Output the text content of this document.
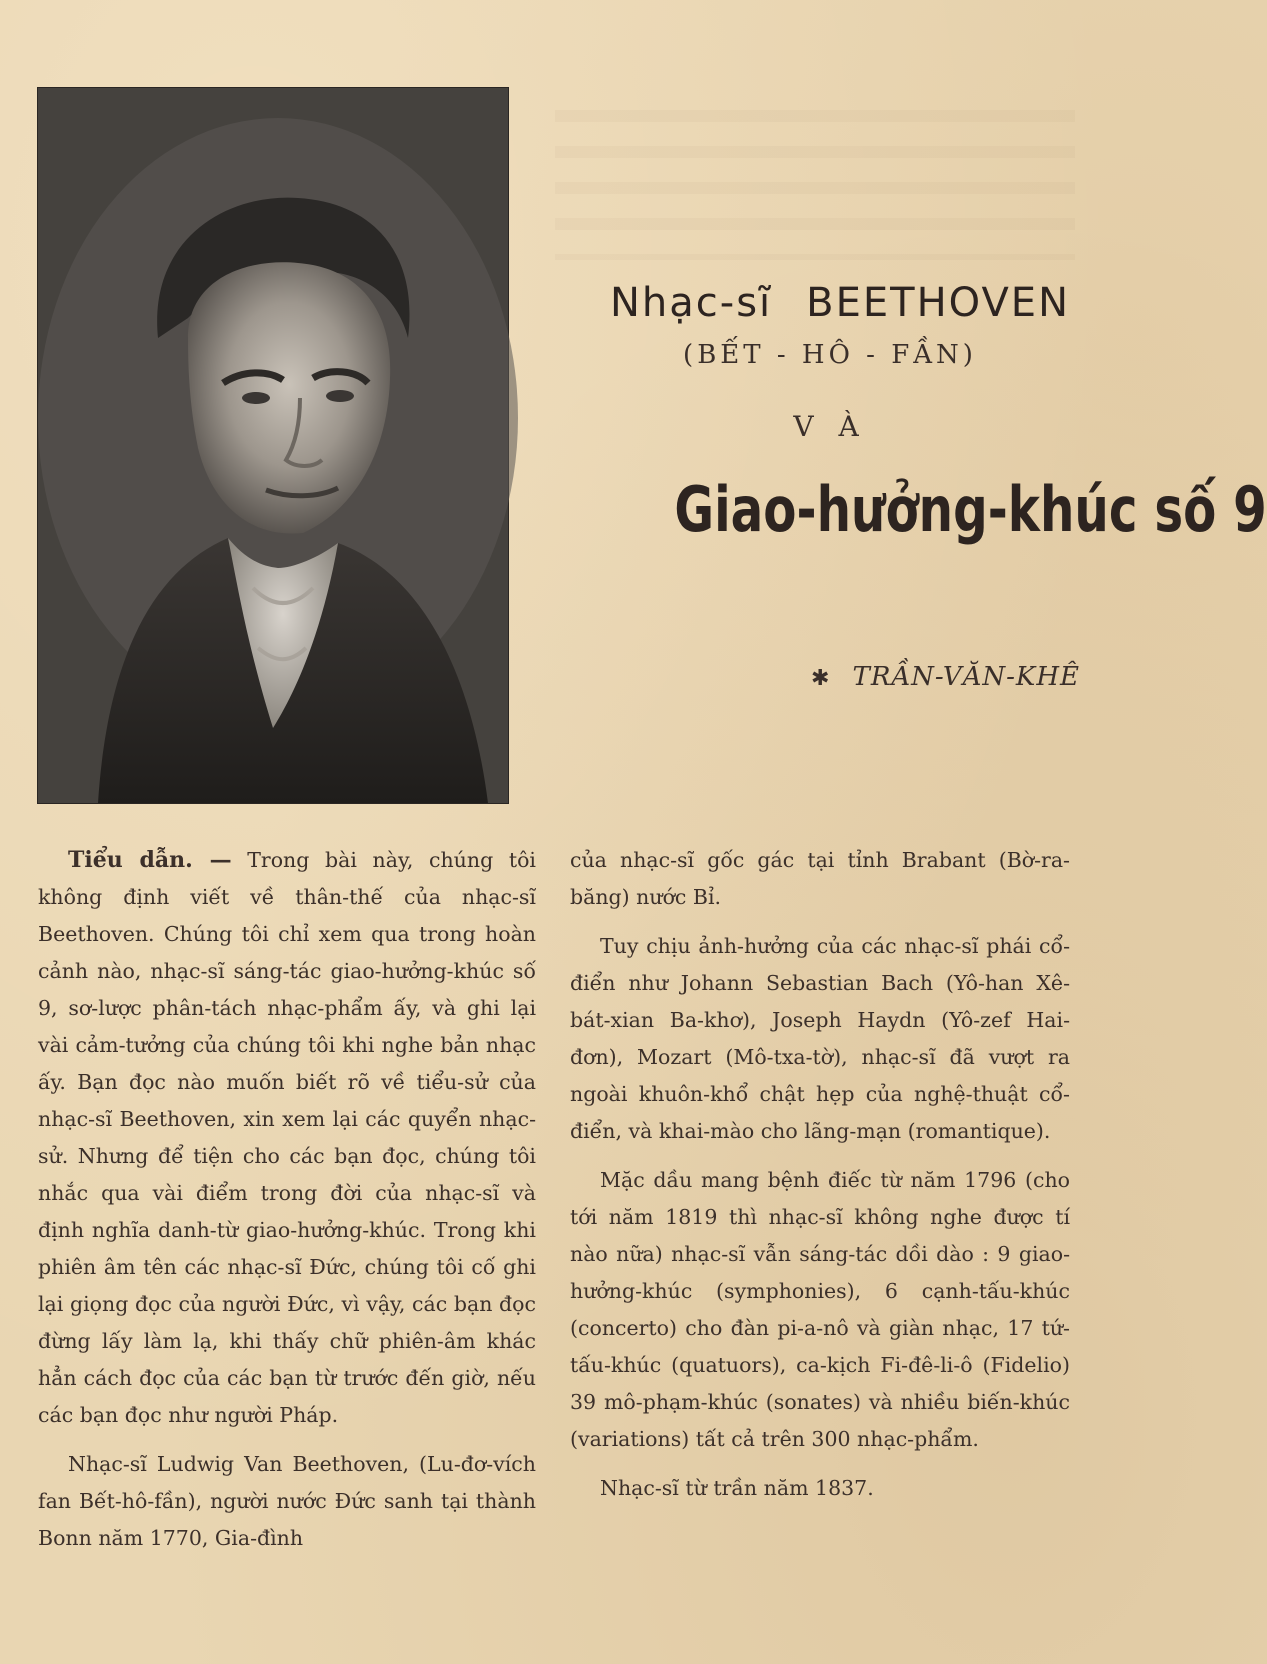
Nhạc-sĩ BEETHOVEN
(BẾT - HÔ - FẦN)
V À
Giao-hưởng-khúc số 9
✱ TRẦN-VĂN-KHÊ

Tiểu dẫn. — Trong bài này, chúng tôi không định viết về thân-thế của nhạc-sĩ Beethoven. Chúng tôi chỉ xem qua trong hoàn cảnh nào, nhạc-sĩ sáng-tác giao-hưởng-khúc số 9, sơ-lược phân-tách nhạc-phẩm ấy, và ghi lại vài cảm-tưởng của chúng tôi khi nghe bản nhạc ấy. Bạn đọc nào muốn biết rõ về tiểu-sử của nhạc-sĩ Beethoven, xin xem lại các quyển nhạc-sử. Nhưng để tiện cho các bạn đọc, chúng tôi nhắc qua vài điểm trong đời của nhạc-sĩ và định nghĩa danh-từ giao-hưởng-khúc. Trong khi phiên âm tên các nhạc-sĩ Đức, chúng tôi cố ghi lại giọng đọc của người Đức, vì vậy, các bạn đọc đừng lấy làm lạ, khi thấy chữ phiên-âm khác hẳn cách đọc của các bạn từ trước đến giờ, nếu các bạn đọc như người Pháp.

Nhạc-sĩ Ludwig Van Beethoven, (Lu-đơ-vích fan Bết-hô-fần), người nước Đức sanh tại thành Bonn năm 1770, Gia-đình

của nhạc-sĩ gốc gác tại tỉnh Brabant (Bờ-ra-băng) nước Bỉ.

Tuy chịu ảnh-hưởng của các nhạc-sĩ phái cổ-điển như Johann Sebastian Bach (Yô-han Xê-bát-xian Ba-khơ), Joseph Haydn (Yô-zef Hai-đơn), Mozart (Mô-txa-tờ), nhạc-sĩ đã vượt ra ngoài khuôn-khổ chật hẹp của nghệ-thuật cổ-điển, và khai-mào cho lãng-mạn (romantique).

Mặc dầu mang bệnh điếc từ năm 1796 (cho tới năm 1819 thì nhạc-sĩ không nghe được tí nào nữa) nhạc-sĩ vẫn sáng-tác dồi dào : 9 giao-hưởng-khúc (symphonies), 6 cạnh-tấu-khúc (concerto) cho đàn pi-a-nô và giàn nhạc, 17 tứ-tấu-khúc (quatuors), ca-kịch Fi-đê-li-ô (Fidelio) 39 mô-phạm-khúc (sonates) và nhiều biến-khúc (variations) tất cả trên 300 nhạc-phẩm.

Nhạc-sĩ từ trần năm 1837.
